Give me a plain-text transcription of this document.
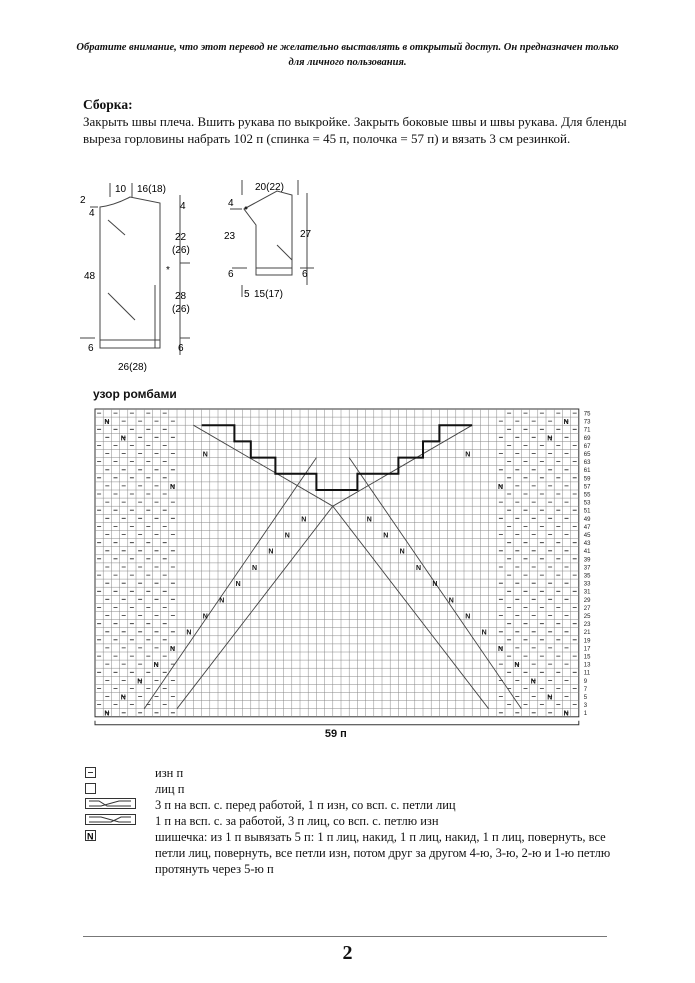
Обратите внимание, что этот перевод не желательно выставлять в открытый доступ. Он предназначен только для личного пользования.
Сборка:

Закрыть швы плеча. Вшить рукава по выкройке. Закрыть боковые швы и швы рукава. Для бленды выреза горловины набрать 102 п (спинка = 45 п, полочка = 57 п) и вязать 3 см резинкой.

2
4
10 16(18)
4
22
(26)
*
28
(26)
48
6	6
26(28)
20(22)
4
23	27
6	6
5 15(17)
узор ромбами
N
N
N
N
N
N
N
N
N
N
N
N
N
N
N
N
N
N
N
N
N
N
N
N
N
N
N
N
N
N
N
N
N
N
75
73
71
69
67
65
63
61
59
57
55
53
51
49
47
45
43
41
39
37
35
33
31
29
27
25
23
21
19
17
15
13
11
9
7
5
3
1
59 п
изн п
лиц п
3 п на всп. с. перед работой, 1 п изн, со всп. с. петли лиц
1 п на всп. с. за работой, 3 п лиц, со всп. с. петлю изн
N	шишечка: из 1 п вывязать 5 п: 1 п лиц, накид, 1 п лиц, накид, 1 п лиц, повернуть, все петли лиц, повернуть, все петли изн, потом друг за другом 4-ю, 3-ю, 2-ю и 1-ю петлю протянуть через 5-ю п
2
